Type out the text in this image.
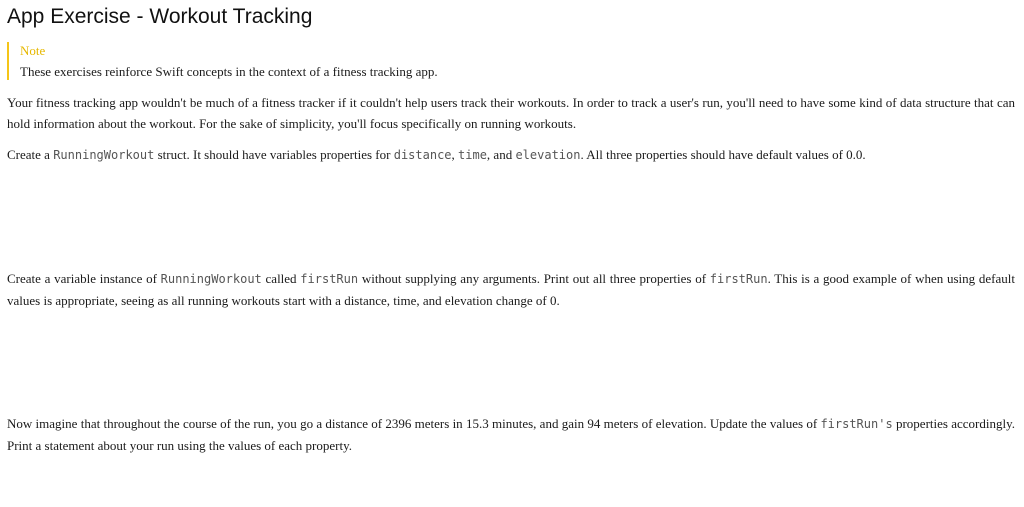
App Exercise - Workout Tracking
Note
These exercises reinforce Swift concepts in the context of a fitness tracking app.

Your fitness tracking app wouldn't be much of a fitness tracker if it couldn't help users track their workouts. In order to track a user's run, you'll need to have some kind of data structure that can hold information about the workout. For the sake of simplicity, you'll focus specifically on running workouts.

Create a RunningWorkout struct. It should have variables properties for distance, time, and elevation. All three properties should have default values of 0.0.

Create a variable instance of RunningWorkout called firstRun without supplying any arguments. Print out all three properties of firstRun. This is a good example of when using default values is appropriate, seeing as all running workouts start with a distance, time, and elevation change of 0.

Now imagine that throughout the course of the run, you go a distance of 2396 meters in 15.3 minutes, and gain 94 meters of elevation. Update the values of firstRun's properties accordingly. Print a statement about your run using the values of each property.
